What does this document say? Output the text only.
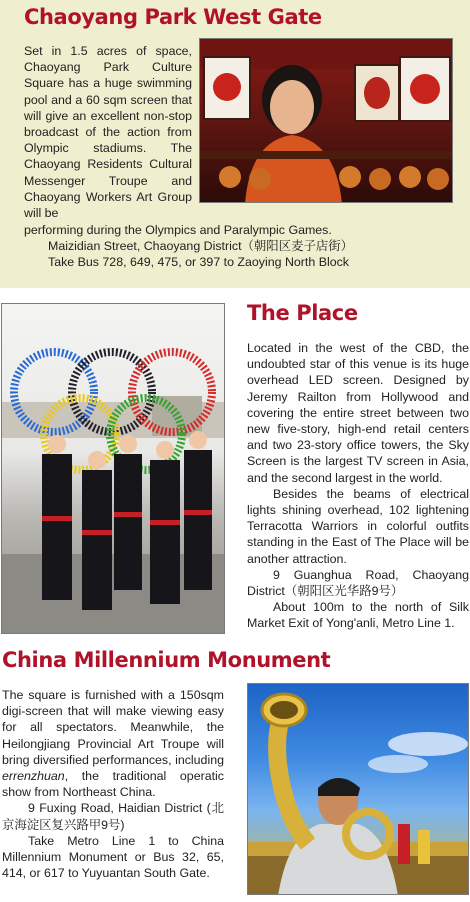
Chaoyang Park West Gate

Set in 1.5 acres of space, Chaoyang Park Culture Square has a huge swimming pool and a 60 sqm screen that will give an excellent non-stop broadcast of the action from Olympic stadiums. The Chaoyang Residents Cultural Messenger Troupe and Chaoyang Workers Art Group will be

performing during the Olympics and Paralympic Games.
Maizidian Street, Chaoyang District（朝阳区麦子店街）
Take Bus 728, 649, 475, or 397 to Zaoying North Block
The Place

Located in the west of the CBD, the undoubted star of this venue is its huge overhead LED screen. Designed by Jeremy Railton from Hollywood and covering the entire street between two new five-story, high-end retail centers and two 23-story office towers, the Sky Screen is the largest TV screen in Asia, and the second largest in the world.

Besides the beams of electrical lights shining overhead, 102 lightening Terracotta Warriors in colorful outfits standing in the East of The Place will be another attraction.

9 Guanghua Road, Chaoyang District（朝阳区光华路9号）

About 100m to the north of Silk Market Exit of Yong'anli, Metro Line 1.

China Millennium Monument

The square is furnished with a 150sqm digi-screen that will make viewing easy for all spectators. Meanwhile, the Heilongjiang Provincial Art Troupe will bring diversified performances, including errenzhuan, the traditional operatic show from Northeast China.

9 Fuxing Road, Haidian District (北京海淀区复兴路甲9号)

Take Metro Line 1 to China Millennium Monument or Bus 32, 65, 414, or 617 to Yuyuantan South Gate.
